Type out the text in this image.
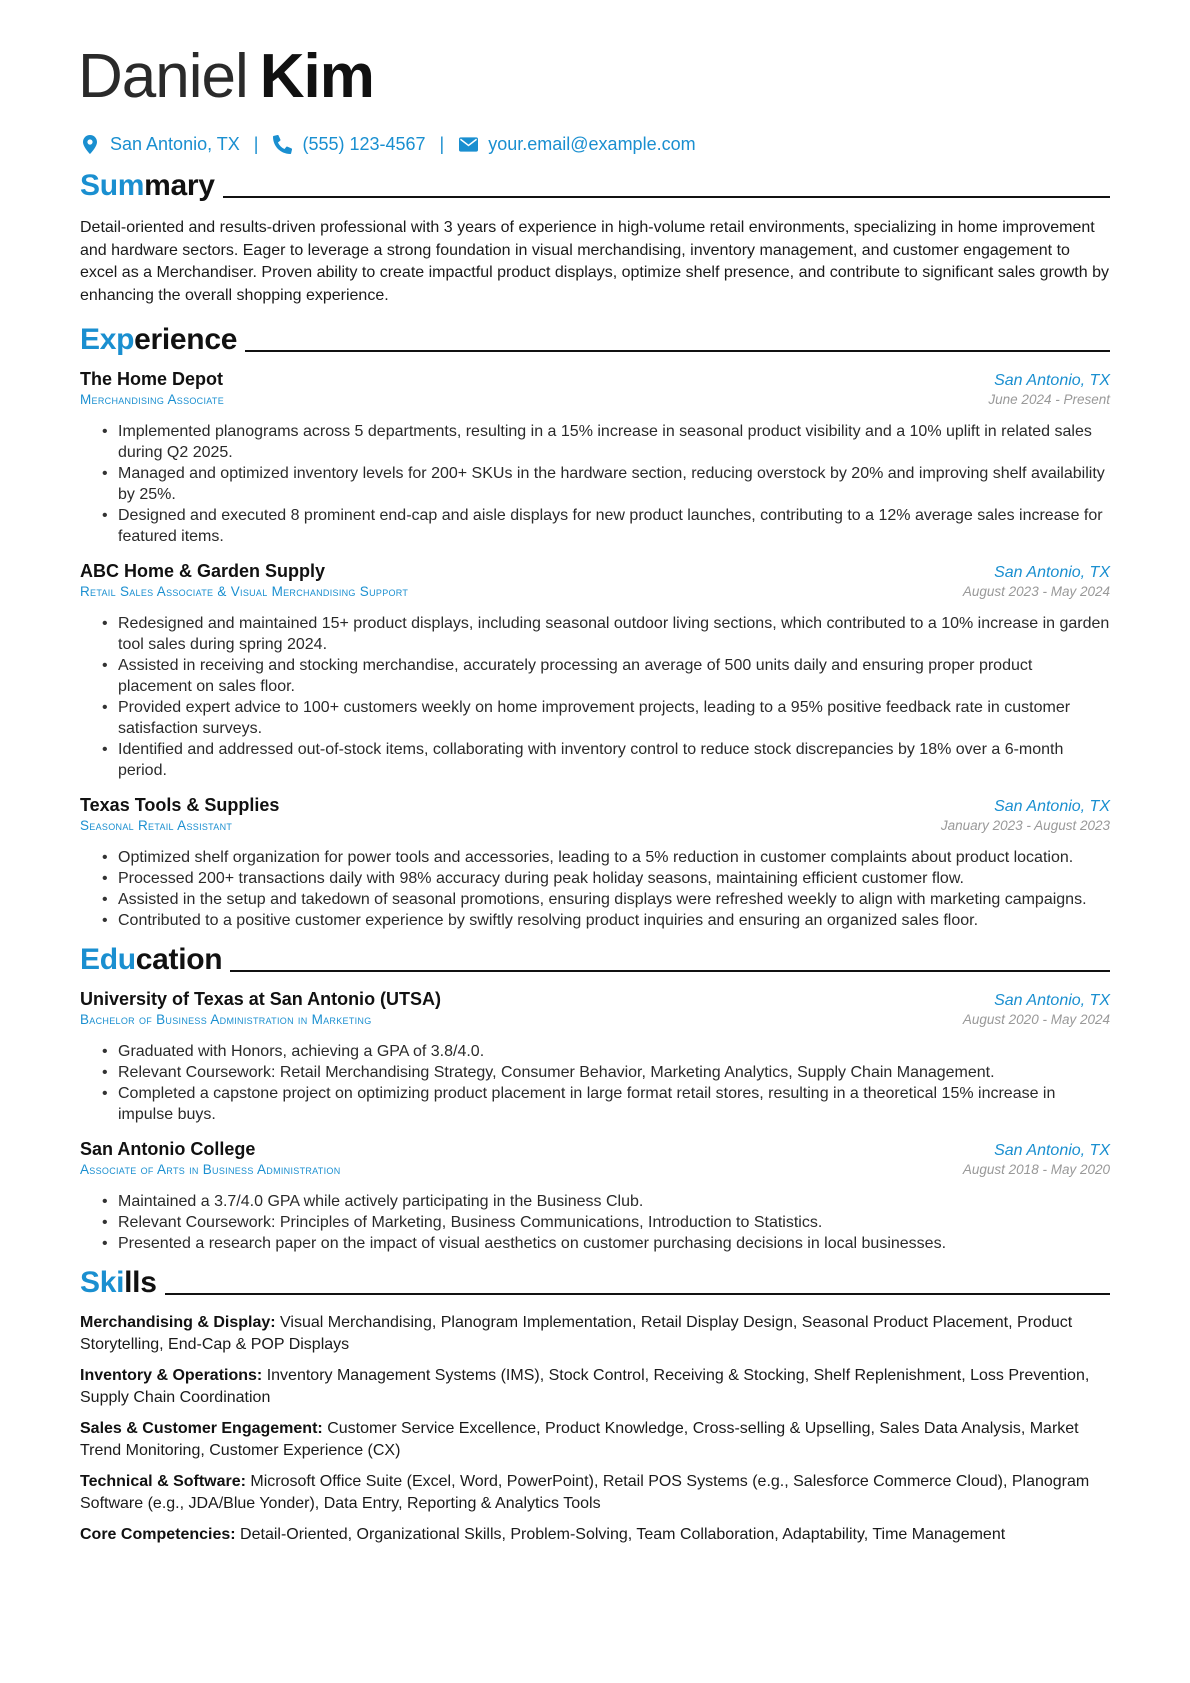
Daniel Kim
San Antonio, TX | (555) 123-4567 | your.email@example.com
Summary
Detail-oriented and results-driven professional with 3 years of experience in high-volume retail environments, specializing in home improvement and hardware sectors. Eager to leverage a strong foundation in visual merchandising, inventory management, and customer engagement to excel as a Merchandiser. Proven ability to create impactful product displays, optimize shelf presence, and contribute to significant sales growth by enhancing the overall shopping experience.
Experience
The Home Depot	San Antonio, TX
Merchandising Associate	June 2024 - Present
• Implemented planograms across 5 departments, resulting in a 15% increase in seasonal product visibility and a 10% uplift in related sales during Q2 2025.
• Managed and optimized inventory levels for 200+ SKUs in the hardware section, reducing overstock by 20% and improving shelf availability by 25%.
• Designed and executed 8 prominent end-cap and aisle displays for new product launches, contributing to a 12% average sales increase for featured items.
ABC Home & Garden Supply	San Antonio, TX
Retail Sales Associate & Visual Merchandising Support	August 2023 - May 2024
• Redesigned and maintained 15+ product displays, including seasonal outdoor living sections, which contributed to a 10% increase in garden tool sales during spring 2024.
• Assisted in receiving and stocking merchandise, accurately processing an average of 500 units daily and ensuring proper product placement on sales floor.
• Provided expert advice to 100+ customers weekly on home improvement projects, leading to a 95% positive feedback rate in customer satisfaction surveys.
• Identified and addressed out-of-stock items, collaborating with inventory control to reduce stock discrepancies by 18% over a 6-month period.
Texas Tools & Supplies	San Antonio, TX
Seasonal Retail Assistant	January 2023 - August 2023
• Optimized shelf organization for power tools and accessories, leading to a 5% reduction in customer complaints about product location.
• Processed 200+ transactions daily with 98% accuracy during peak holiday seasons, maintaining efficient customer flow.
• Assisted in the setup and takedown of seasonal promotions, ensuring displays were refreshed weekly to align with marketing campaigns.
• Contributed to a positive customer experience by swiftly resolving product inquiries and ensuring an organized sales floor.
Education
University of Texas at San Antonio (UTSA)	San Antonio, TX
Bachelor of Business Administration in Marketing	August 2020 - May 2024
• Graduated with Honors, achieving a GPA of 3.8/4.0.
• Relevant Coursework: Retail Merchandising Strategy, Consumer Behavior, Marketing Analytics, Supply Chain Management.
• Completed a capstone project on optimizing product placement in large format retail stores, resulting in a theoretical 15% increase in impulse buys.
San Antonio College	San Antonio, TX
Associate of Arts in Business Administration	August 2018 - May 2020
• Maintained a 3.7/4.0 GPA while actively participating in the Business Club.
• Relevant Coursework: Principles of Marketing, Business Communications, Introduction to Statistics.
• Presented a research paper on the impact of visual aesthetics on customer purchasing decisions in local businesses.
Skills
Merchandising & Display: Visual Merchandising, Planogram Implementation, Retail Display Design, Seasonal Product Placement, Product Storytelling, End-Cap & POP Displays
Inventory & Operations: Inventory Management Systems (IMS), Stock Control, Receiving & Stocking, Shelf Replenishment, Loss Prevention, Supply Chain Coordination
Sales & Customer Engagement: Customer Service Excellence, Product Knowledge, Cross-selling & Upselling, Sales Data Analysis, Market Trend Monitoring, Customer Experience (CX)
Technical & Software: Microsoft Office Suite (Excel, Word, PowerPoint), Retail POS Systems (e.g., Salesforce Commerce Cloud), Planogram Software (e.g., JDA/Blue Yonder), Data Entry, Reporting & Analytics Tools
Core Competencies: Detail-Oriented, Organizational Skills, Problem-Solving, Team Collaboration, Adaptability, Time Management
